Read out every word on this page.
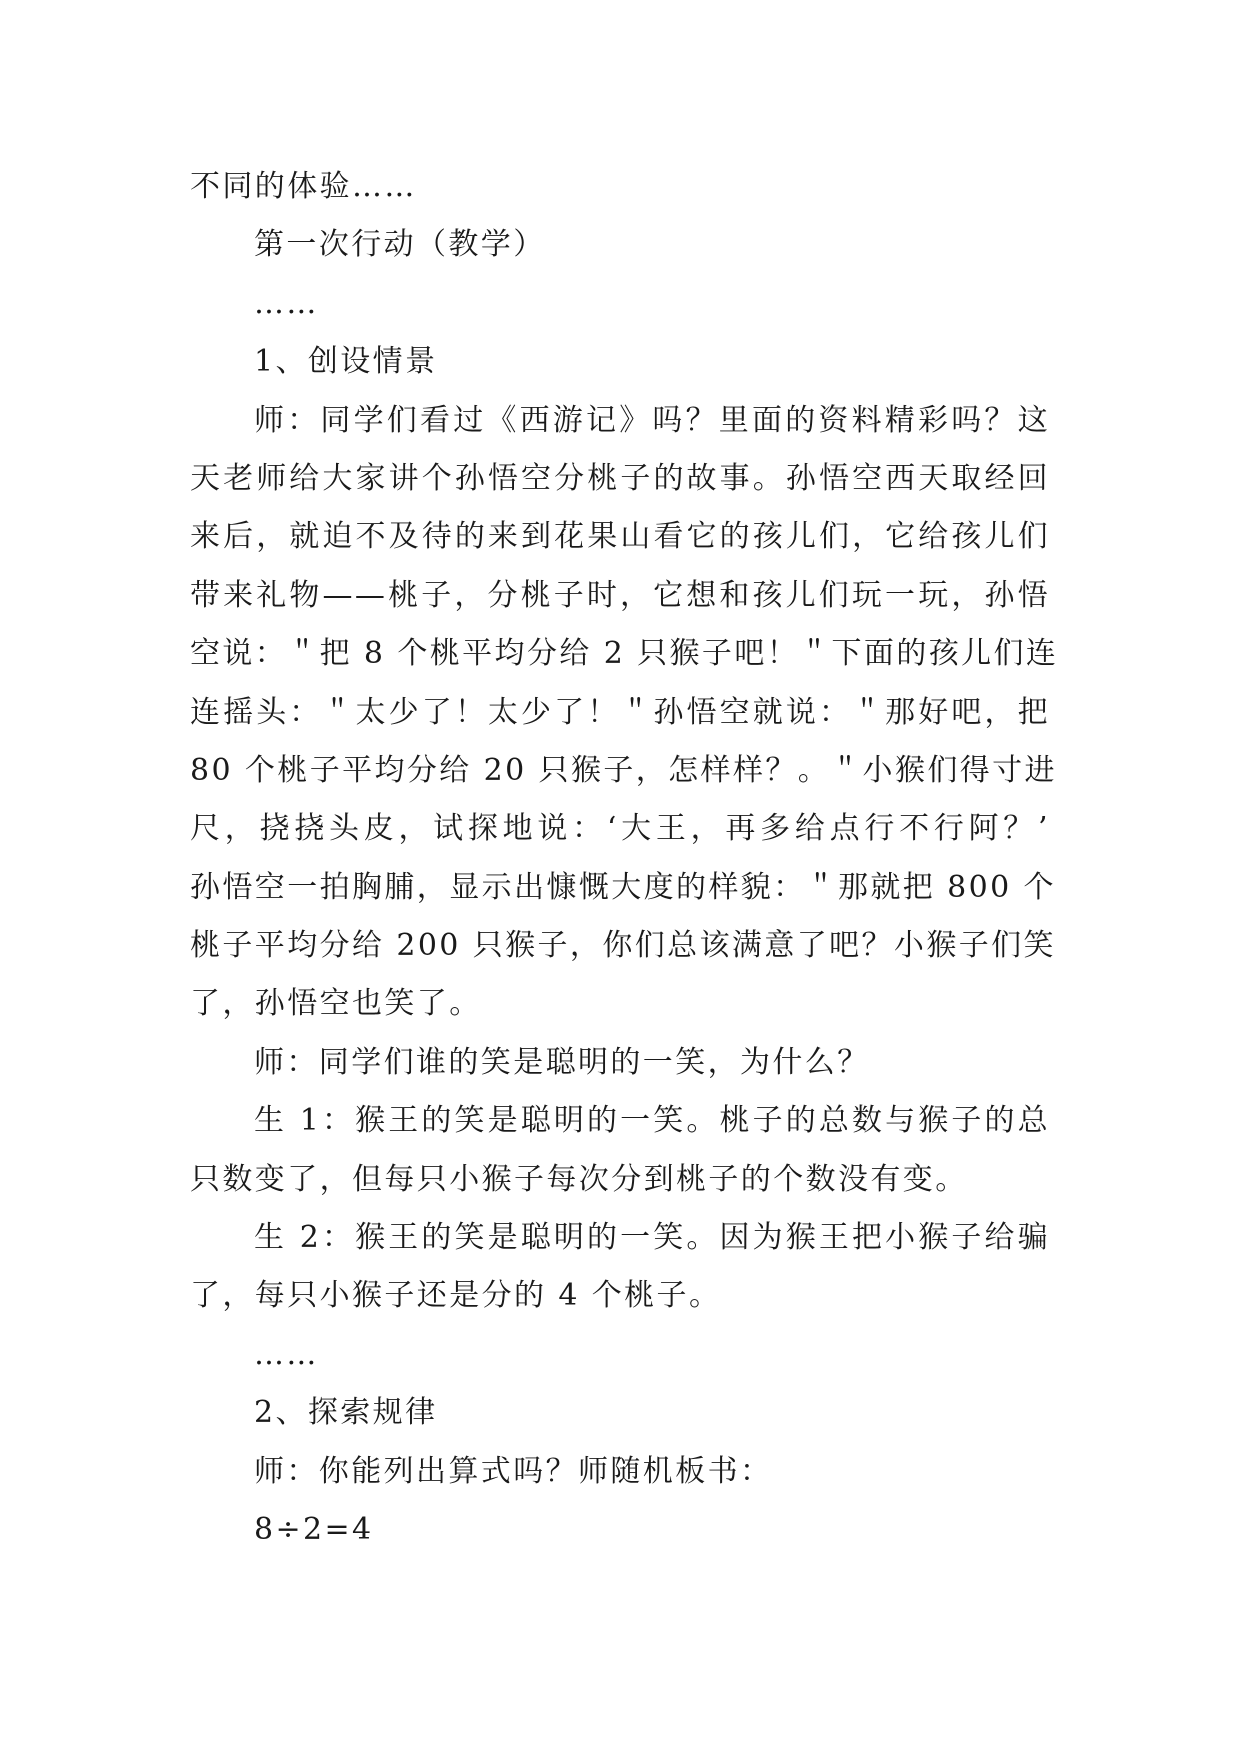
不同的体验……
第一次行动（教学）
……
1、创设情景
师：同学们看过《西游记》吗？里面的资料精彩吗？这
天老师给大家讲个孙悟空分桃子的故事。孙悟空西天取经回
来后，就迫不及待的来到花果山看它的孩儿们，它给孩儿们
带来礼物——桃子，分桃子时，它想和孩儿们玩一玩，孙悟
空说：＂把 8 个桃平均分给 2 只猴子吧！＂下面的孩儿们连
连摇头：＂太少了！太少了！＂孙悟空就说：＂那好吧，把
80 个桃子平均分给 20 只猴子，怎样样？。＂小猴们得寸进
尺，挠挠头皮，试探地说：‘大王，再多给点行不行阿？’
孙悟空一拍胸脯，显示出慷慨大度的样貌：＂那就把 800 个
桃子平均分给 200 只猴子，你们总该满意了吧？小猴子们笑
了，孙悟空也笑了。
师：同学们谁的笑是聪明的一笑，为什么？
生 1：猴王的笑是聪明的一笑。桃子的总数与猴子的总
只数变了，但每只小猴子每次分到桃子的个数没有变。
生 2：猴王的笑是聪明的一笑。因为猴王把小猴子给骗
了，每只小猴子还是分的 4 个桃子。
……
2、探索规律
师：你能列出算式吗？师随机板书：
8÷2=4
